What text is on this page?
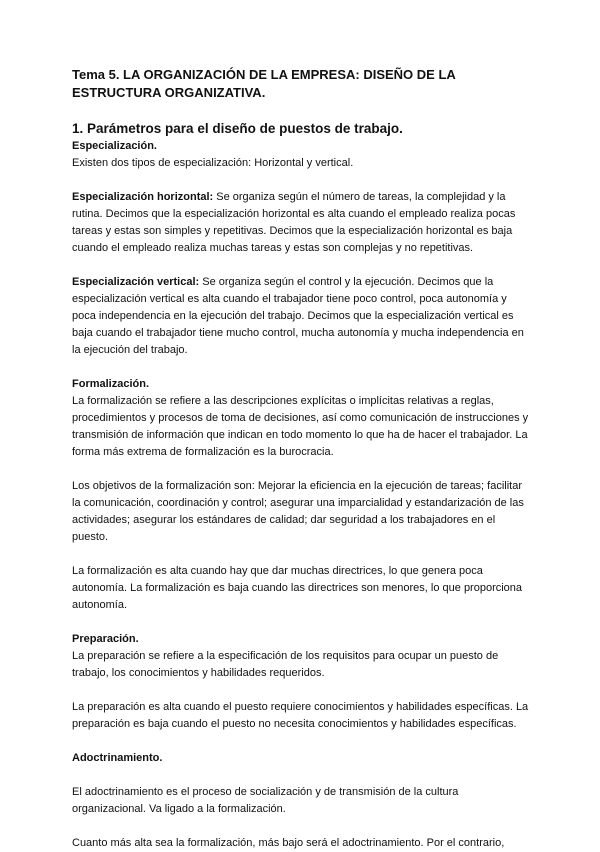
Tema 5. LA ORGANIZACIÓN DE LA EMPRESA: DISEÑO DE LA ESTRUCTURA ORGANIZATIVA.

1. Parámetros para el diseño de puestos de trabajo.

Especialización.

Existen dos tipos de especialización: Horizontal y vertical.

Especialización horizontal: Se organiza según el número de tareas, la complejidad y la rutina. Decimos que la especialización horizontal es alta cuando el empleado realiza pocas tareas y estas son simples y repetitivas. Decimos que la especialización horizontal es baja cuando el empleado realiza muchas tareas y estas son complejas y no repetitivas.

Especialización vertical: Se organiza según el control y la ejecución. Decimos que la especialización vertical es alta cuando el trabajador tiene poco control, poca autonomía y poca independencia en la ejecución del trabajo. Decimos que la especialización vertical es baja cuando el trabajador tiene mucho control, mucha autonomía y mucha independencia en la ejecución del trabajo.

Formalización.

La formalización se refiere a las descripciones explícitas o implícitas relativas a reglas, procedimientos y procesos de toma de decisiones, así como comunicación de instrucciones y transmisión de información que indican en todo momento lo que ha de hacer el trabajador. La forma más extrema de formalización es la burocracia.

Los objetivos de la formalización son: Mejorar la eficiencia en la ejecución de tareas; facilitar la comunicación, coordinación y control; asegurar una imparcialidad y estandarización de las actividades; asegurar los estándares de calidad; dar seguridad a los trabajadores en el puesto.

La formalización es alta cuando hay que dar muchas directrices, lo que genera poca autonomía. La formalización es baja cuando las directrices son menores, lo que proporciona autonomía.

Preparación.

La preparación se refiere a la especificación de los requisitos para ocupar un puesto de trabajo, los conocimientos y habilidades requeridos.

La preparación es alta cuando el puesto requiere conocimientos y habilidades específicas. La preparación es baja cuando el puesto no necesita conocimientos y habilidades específicas.

Adoctrinamiento.

El adoctrinamiento es el proceso de socialización y de transmisión de la cultura organizacional. Va ligado a la formalización.

Cuanto más alta sea la formalización, más bajo será el adoctrinamiento. Por el contrario,
